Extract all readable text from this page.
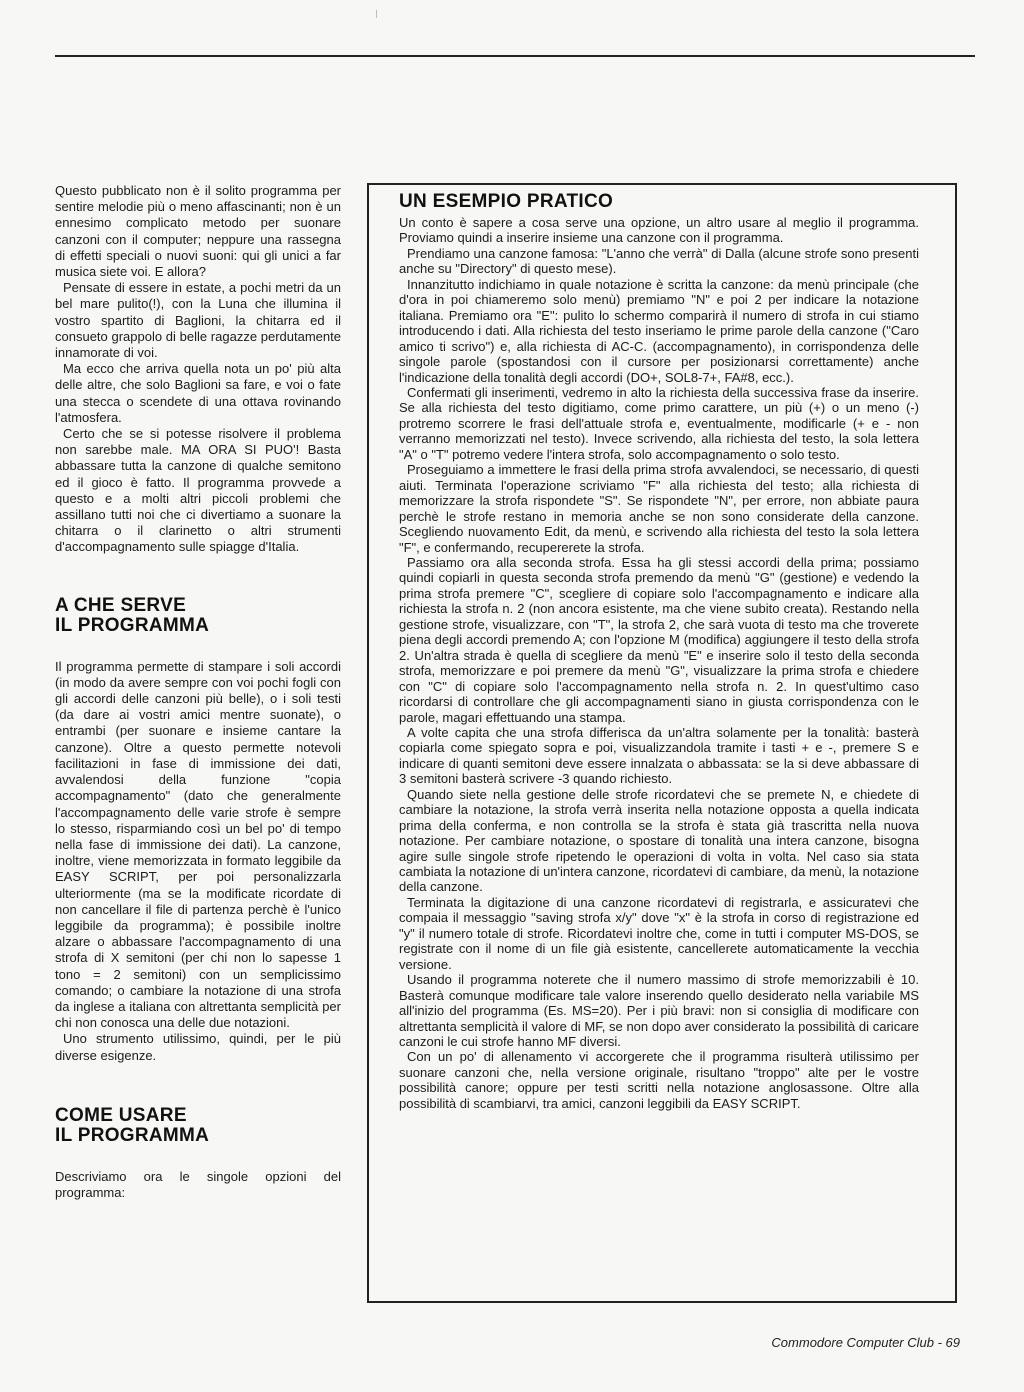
Questo pubblicato non è il solito programma per sentire melodie più o meno affascinanti; non è un ennesimo complicato metodo per suonare canzoni con il computer; neppure una rassegna di effetti speciali o nuovi suoni: qui gli unici a far musica siete voi. E allora?

Pensate di essere in estate, a pochi metri da un bel mare pulito(!), con la Luna che illumina il vostro spartito di Baglioni, la chitarra ed il consueto grappolo di belle ragazze perdutamente innamorate di voi.

Ma ecco che arriva quella nota un po' più alta delle altre, che solo Baglioni sa fare, e voi o fate una stecca o scendete di una ottava rovinando l'atmosfera.

Certo che se si potesse risolvere il problema non sarebbe male. MA ORA SI PUO'! Basta abbassare tutta la canzone di qualche semitono ed il gioco è fatto. Il programma provvede a questo e a molti altri piccoli problemi che assillano tutti noi che ci divertiamo a suonare la chitarra o il clarinetto o altri strumenti d'accompagnamento sulle spiagge d'Italia.

A CHE SERVE
IL PROGRAMMA

Il programma permette di stampare i soli accordi (in modo da avere sempre con voi pochi fogli con gli accordi delle canzoni più belle), o i soli testi (da dare ai vostri amici mentre suonate), o entrambi (per suonare e insieme cantare la canzone). Oltre a questo permette notevoli facilitazioni in fase di immissione dei dati, avvalendosi della funzione "copia accompagnamento" (dato che generalmente l'accompagnamento delle varie strofe è sempre lo stesso, risparmiando così un bel po' di tempo nella fase di immissione dei dati). La canzone, inoltre, viene memorizzata in formato leggibile da EASY SCRIPT, per poi personalizzarla ulteriormente (ma se la modificate ricordate di non cancellare il file di partenza perchè è l'unico leggibile da programma); è possibile inoltre alzare o abbassare l'accompagnamento di una strofa di X semitoni (per chi non lo sapesse 1 tono = 2 semitoni) con un semplicissimo comando; o cambiare la notazione di una strofa da inglese a italiana con altrettanta semplicità per chi non conosca una delle due notazioni.

Uno strumento utilissimo, quindi, per le più diverse esigenze.

COME USARE
IL PROGRAMMA

Descriviamo ora le singole opzioni del programma:

UN ESEMPIO PRATICO

Un conto è sapere a cosa serve una opzione, un altro usare al meglio il programma. Proviamo quindi a inserire insieme una canzone con il programma.

Prendiamo una canzone famosa: "L'anno che verrà" di Dalla (alcune strofe sono presenti anche su "Directory" di questo mese).

Innanzitutto indichiamo in quale notazione è scritta la canzone: da menù principale (che d'ora in poi chiameremo solo menù) premiamo "N" e poi 2 per indicare la notazione italiana. Premiamo ora "E": pulito lo schermo comparirà il numero di strofa in cui stiamo introducendo i dati. Alla richiesta del testo inseriamo le prime parole della canzone ("Caro amico ti scrivo") e, alla richiesta di AC-C. (accompagnamento), in corrispondenza delle singole parole (spostandosi con il cursore per posizionarsi correttamente) anche l'indicazione della tonalità degli accordi (DO+, SOL8-7+, FA#8, ecc.).

Confermati gli inserimenti, vedremo in alto la richiesta della successiva frase da inserire. Se alla richiesta del testo digitiamo, come primo carattere, un più (+) o un meno (-) protremo scorrere le frasi dell'attuale strofa e, eventualmente, modificarle (+ e - non verranno memorizzati nel testo). Invece scrivendo, alla richiesta del testo, la sola lettera "A" o "T" potremo vedere l'intera strofa, solo accompagnamento o solo testo.

Proseguiamo a immettere le frasi della prima strofa avvalendoci, se necessario, di questi aiuti. Terminata l'operazione scriviamo "F" alla richiesta del testo; alla richiesta di memorizzare la strofa rispondete "S". Se rispondete "N", per errore, non abbiate paura perchè le strofe restano in memoria anche se non sono considerate della canzone. Scegliendo nuovamento Edit, da menù, e scrivendo alla richiesta del testo la sola lettera "F", e confermando, recupererete la strofa.

Passiamo ora alla seconda strofa. Essa ha gli stessi accordi della prima; possiamo quindi copiarli in questa seconda strofa premendo da menù "G" (gestione) e vedendo la prima strofa premere "C", scegliere di copiare solo l'accompagnamento e indicare alla richiesta la strofa n. 2 (non ancora esistente, ma che viene subito creata). Restando nella gestione strofe, visualizzare, con "T", la strofa 2, che sarà vuota di testo ma che troverete piena degli accordi premendo A; con l'opzione M (modifica) aggiungere il testo della strofa 2. Un'altra strada è quella di scegliere da menù "E" e inserire solo il testo della seconda strofa, memorizzare e poi premere da menù "G", visualizzare la prima strofa e chiedere con "C" di copiare solo l'accompagnamento nella strofa n. 2. In quest'ultimo caso ricordarsi di controllare che gli accompagnamenti siano in giusta corrispondenza con le parole, magari effettuando una stampa.

A volte capita che una strofa differisca da un'altra solamente per la tonalità: basterà copiarla come spiegato sopra e poi, visualizzandola tramite i tasti + e -, premere S e indicare di quanti semitoni deve essere innalzata o abbassata: se la si deve abbassare di 3 semitoni basterà scrivere -3 quando richiesto.

Quando siete nella gestione delle strofe ricordatevi che se premete N, e chiedete di cambiare la notazione, la strofa verrà inserita nella notazione opposta a quella indicata prima della conferma, e non controlla se la strofa è stata già trascritta nella nuova notazione. Per cambiare notazione, o spostare di tonalità una intera canzone, bisogna agire sulle singole strofe ripetendo le operazioni di volta in volta. Nel caso sia stata cambiata la notazione di un'intera canzone, ricordatevi di cambiare, da menù, la notazione della canzone.

Terminata la digitazione di una canzone ricordatevi di registrarla, e assicuratevi che compaia il messaggio "saving strofa x/y" dove "x" è la strofa in corso di registrazione ed "y" il numero totale di strofe. Ricordatevi inoltre che, come in tutti i computer MS-DOS, se registrate con il nome di un file già esistente, cancellerete automaticamente la vecchia versione.

Usando il programma noterete che il numero massimo di strofe memorizzabili è 10. Basterà comunque modificare tale valore inserendo quello desiderato nella variabile MS all'inizio del programma (Es. MS=20). Per i più bravi: non si consiglia di modificare con altrettanta semplicità il valore di MF, se non dopo aver considerato la possibilità di caricare canzoni le cui strofe hanno MF diversi.

Con un po' di allenamento vi accorgerete che il programma risulterà utilissimo per suonare canzoni che, nella versione originale, risultano "troppo" alte per le vostre possibilità canore; oppure per testi scritti nella notazione anglosassone. Oltre alla possibilità di scambiarvi, tra amici, canzoni leggibili da EASY SCRIPT.

Commodore Computer Club - 69
